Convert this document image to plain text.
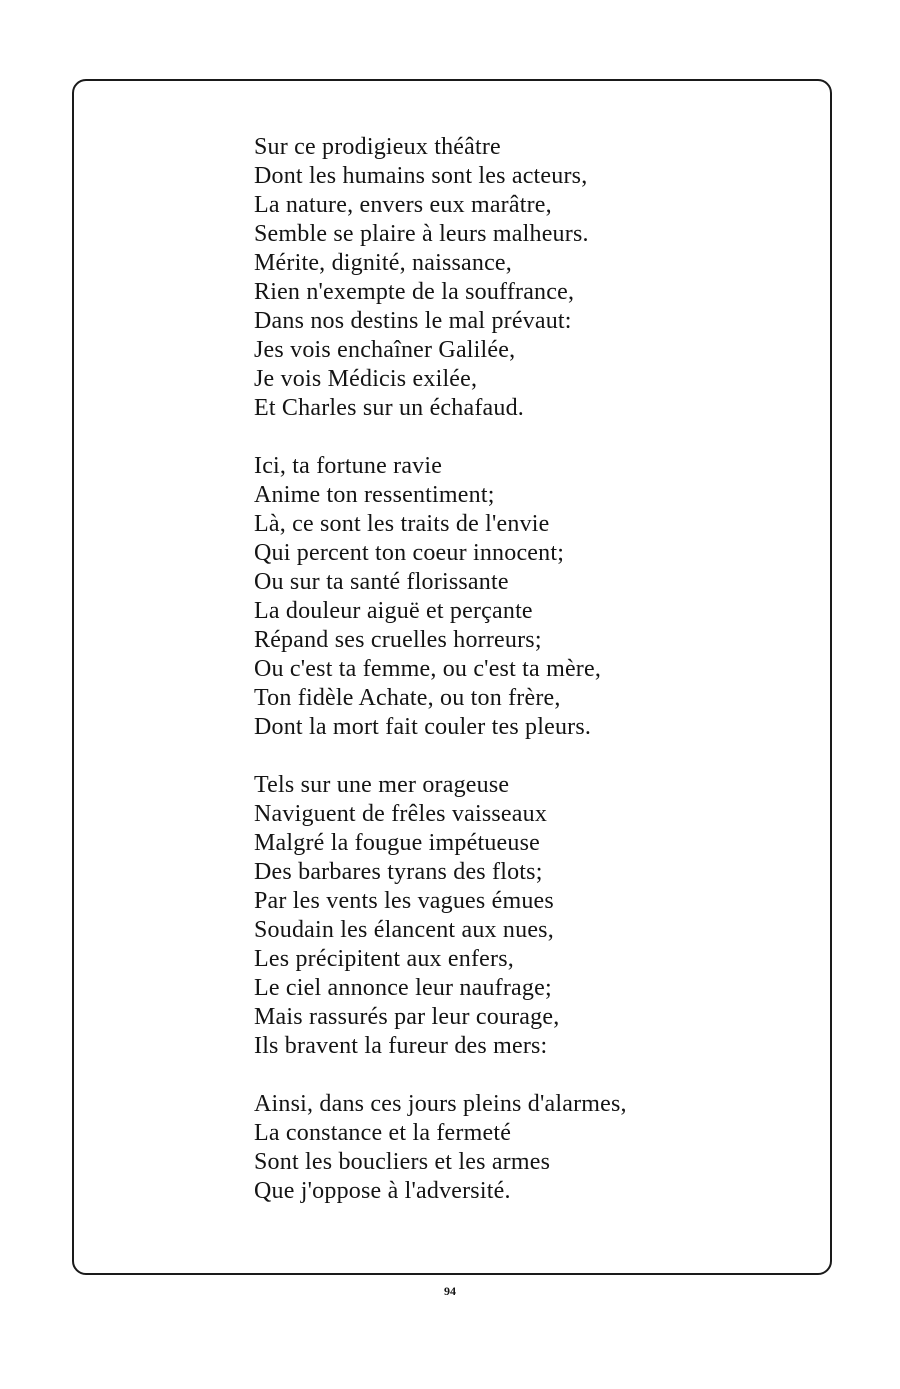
Sur ce prodigieux théâtre
Dont les humains sont les acteurs,
La nature, envers eux marâtre,
Semble se plaire à leurs malheurs.
Mérite, dignité, naissance,
Rien n'exempte de la souffrance,
Dans nos destins le mal prévaut:
Jes vois enchaîner Galilée,
Je vois Médicis exilée,
Et Charles sur un échafaud.
Ici, ta fortune ravie
Anime ton ressentiment;
Là, ce sont les traits de l'envie
Qui percent ton coeur innocent;
Ou sur ta santé florissante
La douleur aiguë et perçante
Répand ses cruelles horreurs;
Ou c'est ta femme, ou c'est ta mère,
Ton fidèle Achate, ou ton frère,
Dont la mort fait couler tes pleurs.
Tels sur une mer orageuse
Naviguent de frêles vaisseaux
Malgré la fougue impétueuse
Des barbares tyrans des flots;
Par les vents les vagues émues
Soudain les élancent aux nues,
Les précipitent aux enfers,
Le ciel annonce leur naufrage;
Mais rassurés par leur courage,
Ils bravent la fureur des mers:
Ainsi, dans ces jours pleins d'alarmes,
La constance et la fermeté
Sont les boucliers et les armes
Que j'oppose à l'adversité.
94
